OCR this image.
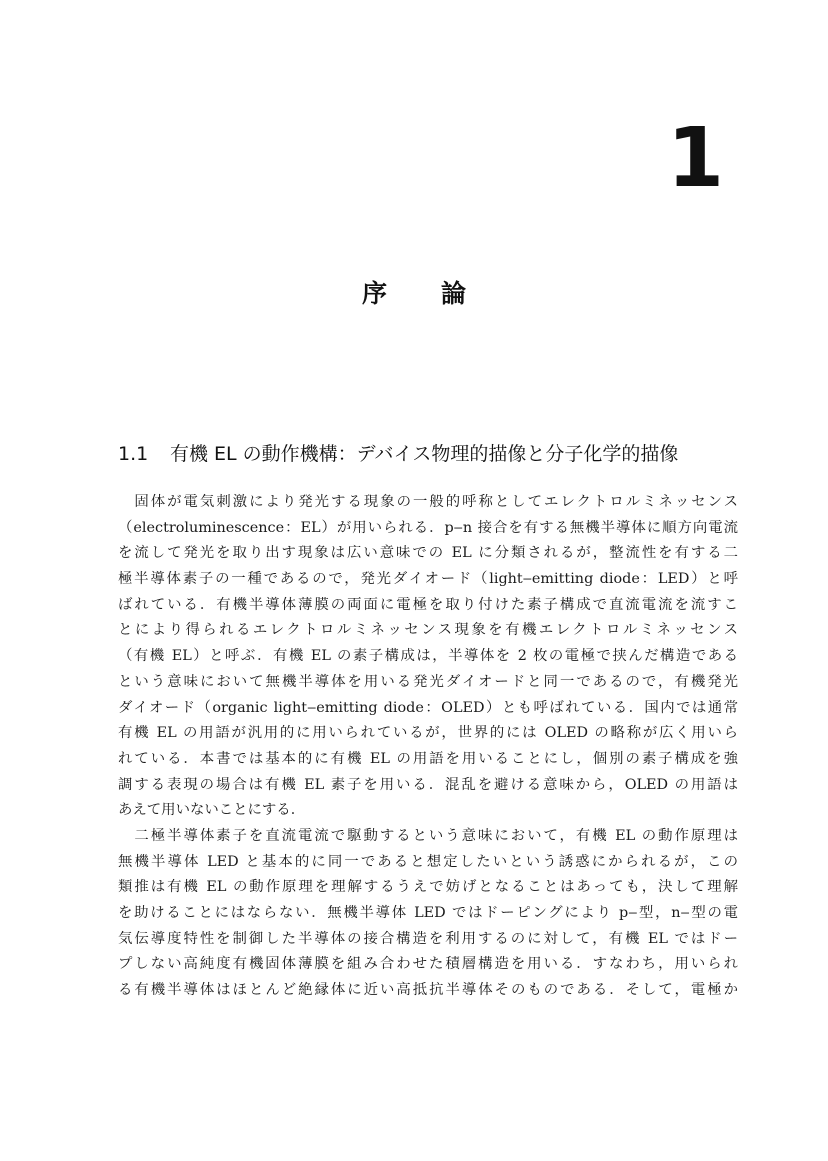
1
序 論
1.1 有機 EL の動作機構：デバイス物理的描像と分子化学的描像
　固体が電気刺激により発光する現象の一般的呼称としてエレクトロルミネッセンス
（electroluminescence：EL）が用いられる．p‒n 接合を有する無機半導体に順方向電流
を流して発光を取り出す現象は広い意味での EL に分類されるが，整流性を有する二
極半導体素子の一種であるので，発光ダイオード（light‒emitting diode：LED）と呼
ばれている．有機半導体薄膜の両面に電極を取り付けた素子構成で直流電流を流すこ
とにより得られるエレクトロルミネッセンス現象を有機エレクトロルミネッセンス
（有機 EL）と呼ぶ．有機 EL の素子構成は，半導体を 2 枚の電極で挟んだ構造である
という意味において無機半導体を用いる発光ダイオードと同一であるので，有機発光
ダイオード（organic light‒emitting diode：OLED）とも呼ばれている．国内では通常
有機 EL の用語が汎用的に用いられているが，世界的には OLED の略称が広く用いら
れている．本書では基本的に有機 EL の用語を用いることにし，個別の素子構成を強
調する表現の場合は有機 EL 素子を用いる．混乱を避ける意味から，OLED の用語は
あえて用いないことにする．
　二極半導体素子を直流電流で駆動するという意味において，有機 EL の動作原理は
無機半導体 LED と基本的に同一であると想定したいという誘惑にかられるが，この
類推は有機 EL の動作原理を理解するうえで妨げとなることはあっても，決して理解
を助けることにはならない．無機半導体 LED ではドーピングにより p‒型，n‒型の電
気伝導度特性を制御した半導体の接合構造を利用するのに対して，有機 EL ではドー
プしない高純度有機固体薄膜を組み合わせた積層構造を用いる．すなわち，用いられ
る有機半導体はほとんど絶縁体に近い高抵抗半導体そのものである．そして，電極か
